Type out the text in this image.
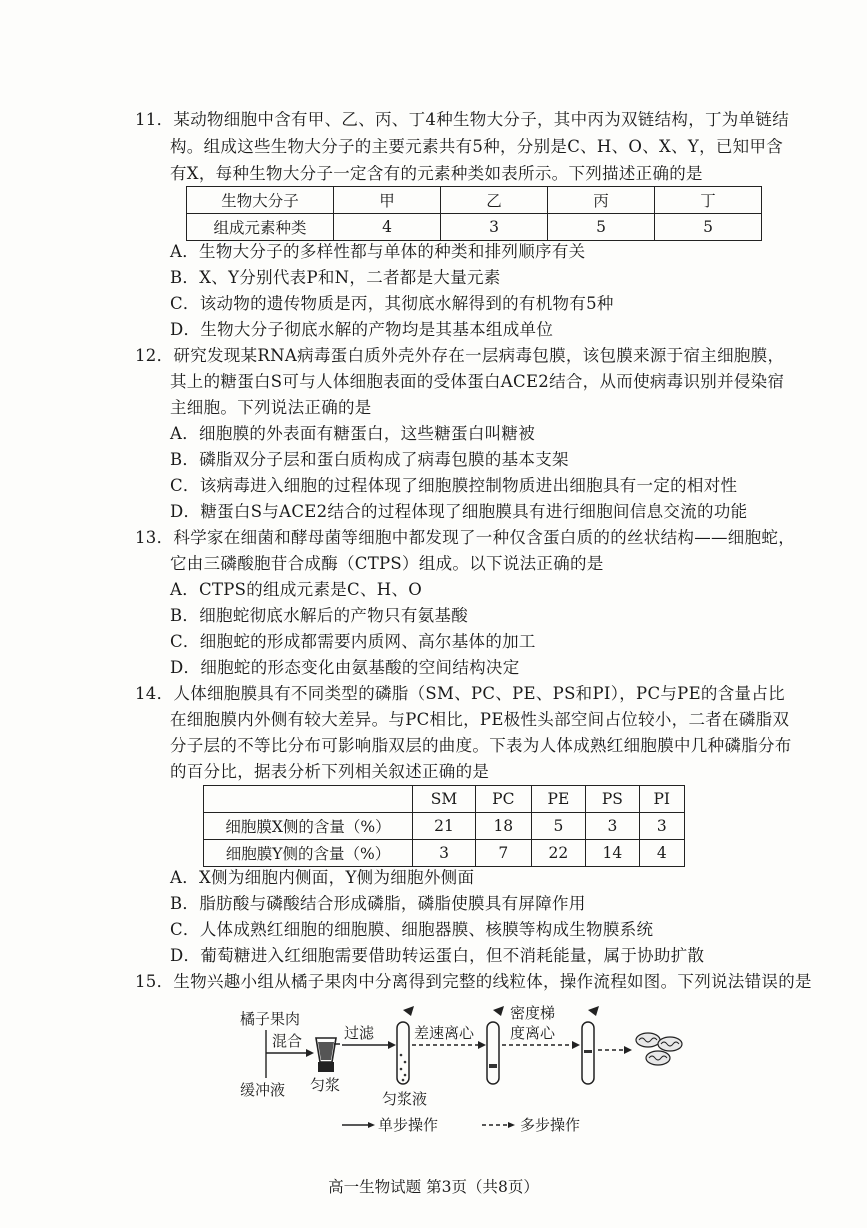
11．某动物细胞中含有甲、乙、丙、丁4种生物大分子，其中丙为双链结构，丁为单链结
构。组成这些生物大分子的主要元素共有5种，分别是C、H、O、X、Y，已知甲含
有X，每种生物大分子一定含有的元素种类如表所示。下列描述正确的是
生物大分子	甲	乙	丙	丁
组成元素种类	4	3	5	5
A．生物大分子的多样性都与单体的种类和排列顺序有关
B．X、Y分别代表P和N，二者都是大量元素
C．该动物的遗传物质是丙，其彻底水解得到的有机物有5种
D．生物大分子彻底水解的产物均是其基本组成单位
12．研究发现某RNA病毒蛋白质外壳外存在一层病毒包膜，该包膜来源于宿主细胞膜，
其上的糖蛋白S可与人体细胞表面的受体蛋白ACE2结合，从而使病毒识别并侵染宿
主细胞。下列说法正确的是
A．细胞膜的外表面有糖蛋白，这些糖蛋白叫糖被
B．磷脂双分子层和蛋白质构成了病毒包膜的基本支架
C．该病毒进入细胞的过程体现了细胞膜控制物质进出细胞具有一定的相对性
D．糖蛋白S与ACE2结合的过程体现了细胞膜具有进行细胞间信息交流的功能
13．科学家在细菌和酵母菌等细胞中都发现了一种仅含蛋白质的的丝状结构——细胞蛇，
它由三磷酸胞苷合成酶（CTPS）组成。以下说法正确的是
A．CTPS的组成元素是C、H、O
B．细胞蛇彻底水解后的产物只有氨基酸
C．细胞蛇的形成都需要内质网、高尔基体的加工
D．细胞蛇的形态变化由氨基酸的空间结构决定
14．人体细胞膜具有不同类型的磷脂（SM、PC、PE、PS和PI），PC与PE的含量占比
在细胞膜内外侧有较大差异。与PC相比，PE极性头部空间占位较小，二者在磷脂双
分子层的不等比分布可影响脂双层的曲度。下表为人体成熟红细胞膜中几种磷脂分布
的百分比，据表分析下列相关叙述正确的是
	SM	PC	PE	PS	PI
细胞膜X侧的含量（%）	21	18	5	3	3
细胞膜Y侧的含量（%）	3	7	22	14	4
A．X侧为细胞内侧面，Y侧为细胞外侧面
B．脂肪酸与磷酸结合形成磷脂，磷脂使膜具有屏障作用
C．人体成熟红细胞的细胞膜、细胞器膜、核膜等构成生物膜系统
D．葡萄糖进入红细胞需要借助转运蛋白，但不消耗能量，属于协助扩散
15．生物兴趣小组从橘子果肉中分离得到完整的线粒体，操作流程如图。下列说法错误的是
橘子果肉
缓冲液
混合
匀浆
过滤
匀浆液
差速离心
密度梯
度离心
单步操作	多步操作
高一生物试题 第3页（共8页）
